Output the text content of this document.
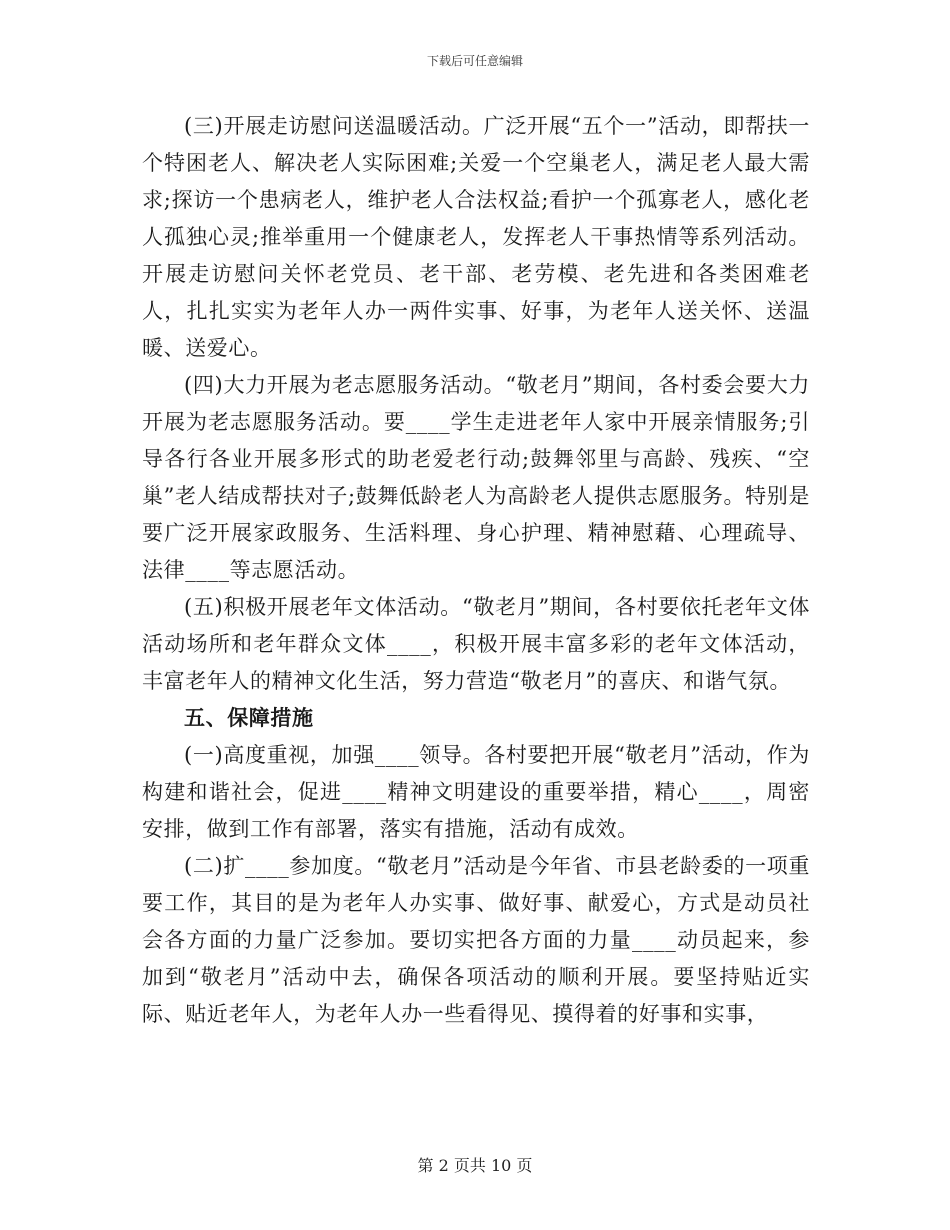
下载后可任意编辑

(三)开展走访慰问送温暖活动。广泛开展“五个一”活动，即帮扶一个特困老人、解决老人实际困难;关爱一个空巢老人，满足老人最大需求;探访一个患病老人，维护老人合法权益;看护一个孤寡老人，感化老人孤独心灵;推举重用一个健康老人，发挥老人干事热情等系列活动。开展走访慰问关怀老党员、老干部、老劳模、老先进和各类困难老人，扎扎实实为老年人办一两件实事、好事，为老年人送关怀、送温暖、送爱心。

(四)大力开展为老志愿服务活动。“敬老月”期间，各村委会要大力开展为老志愿服务活动。要____学生走进老年人家中开展亲情服务;引导各行各业开展多形式的助老爱老行动;鼓舞邻里与高龄、残疾、“空巢”老人结成帮扶对子;鼓舞低龄老人为高龄老人提供志愿服务。特别是要广泛开展家政服务、生活料理、身心护理、精神慰藉、心理疏导、法律____等志愿活动。

(五)积极开展老年文体活动。“敬老月”期间，各村要依托老年文体活动场所和老年群众文体____，积极开展丰富多彩的老年文体活动，丰富老年人的精神文化生活，努力营造“敬老月”的喜庆、和谐气氛。

五、保障措施

(一)高度重视，加强____领导。各村要把开展“敬老月”活动，作为构建和谐社会，促进____精神文明建设的重要举措，精心____，周密安排，做到工作有部署，落实有措施，活动有成效。

(二)扩____参加度。“敬老月”活动是今年省、市县老龄委的一项重要工作，其目的是为老年人办实事、做好事、献爱心，方式是动员社会各方面的力量广泛参加。要切实把各方面的力量____动员起来，参加到“敬老月”活动中去，确保各项活动的顺利开展。要坚持贴近实际、贴近老年人，为老年人办一些看得见、摸得着的好事和实事，

第 2 页共 10 页
